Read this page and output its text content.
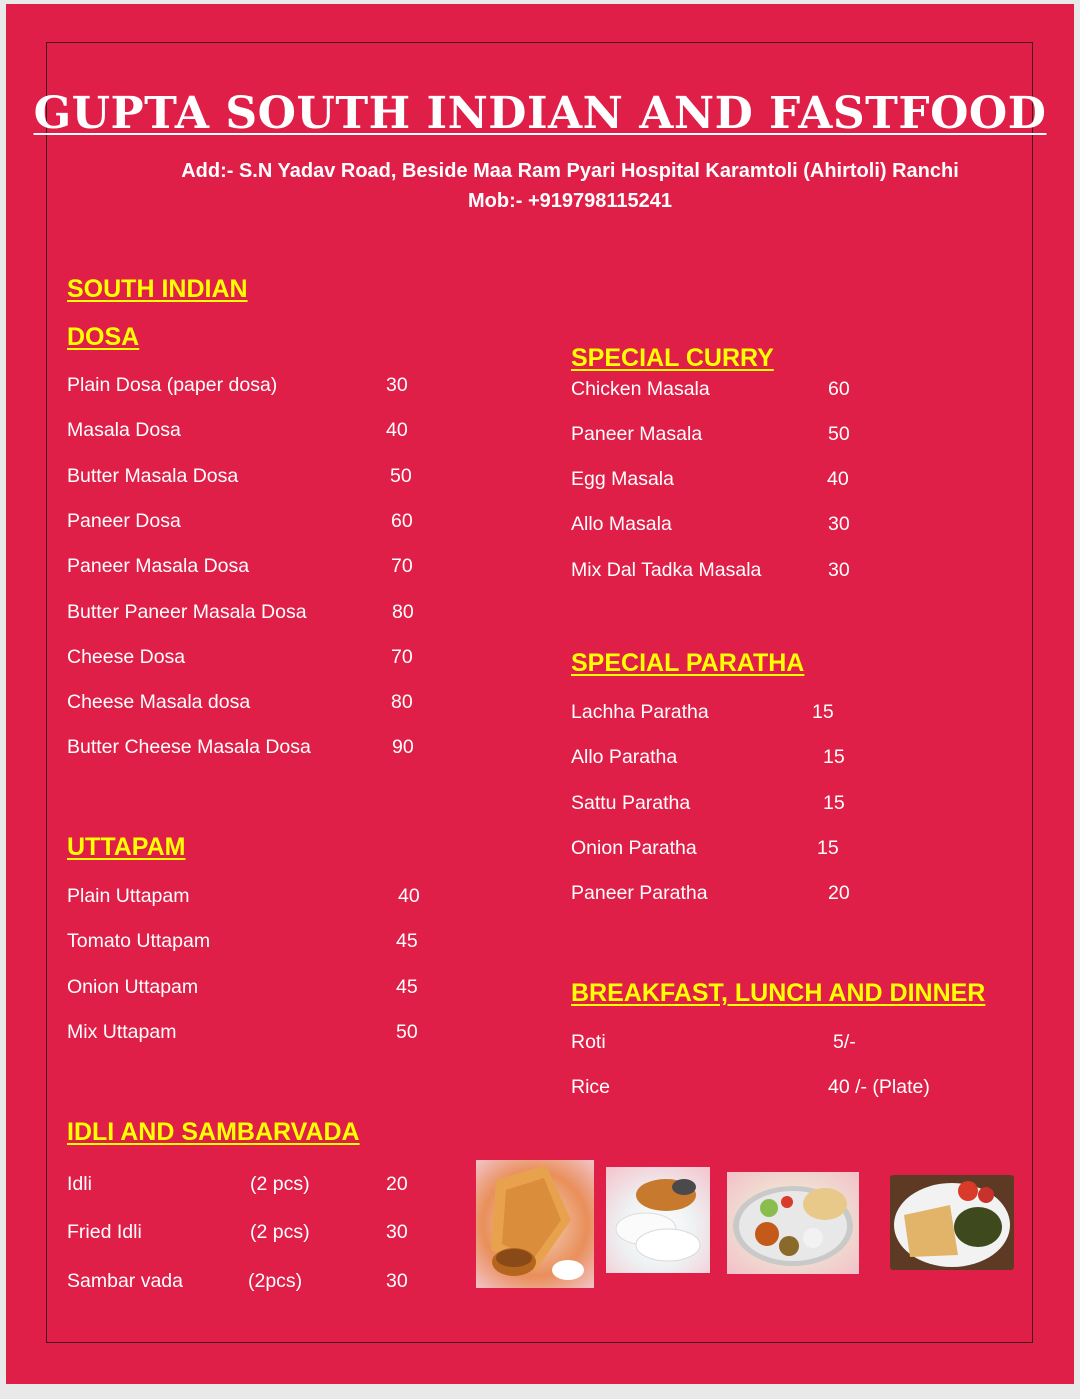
GUPTA SOUTH INDIAN AND FASTFOOD
Add:- S.N Yadav Road, Beside Maa Ram Pyari Hospital Karamtoli (Ahirtoli) Ranchi
Mob:- +919798115241
SOUTH INDIAN
DOSA
Plain Dosa (paper dosa)	30
Masala Dosa	40
Butter Masala Dosa	50
Paneer Dosa	60
Paneer Masala Dosa	70
Butter Paneer Masala Dosa	80
Cheese Dosa	70
Cheese Masala dosa	80
Butter Cheese Masala Dosa	90
UTTAPAM
Plain Uttapam	40
Tomato Uttapam	45
Onion Uttapam	45
Mix Uttapam	50
IDLI AND SAMBARVADA
Idli	(2 pcs)	20
Fried Idli	(2 pcs)	30
Sambar vada	(2pcs)	30
SPECIAL CURRY
Chicken Masala	60
Paneer Masala	50
Egg Masala	40
Allo Masala	30
Mix Dal Tadka Masala	30
SPECIAL PARATHA
Lachha Paratha	15
Allo Paratha	15
Sattu Paratha	15
Onion Paratha	15
Paneer Paratha	20
BREAKFAST, LUNCH AND DINNER
Roti	5/-
Rice	40 /- (Plate)
